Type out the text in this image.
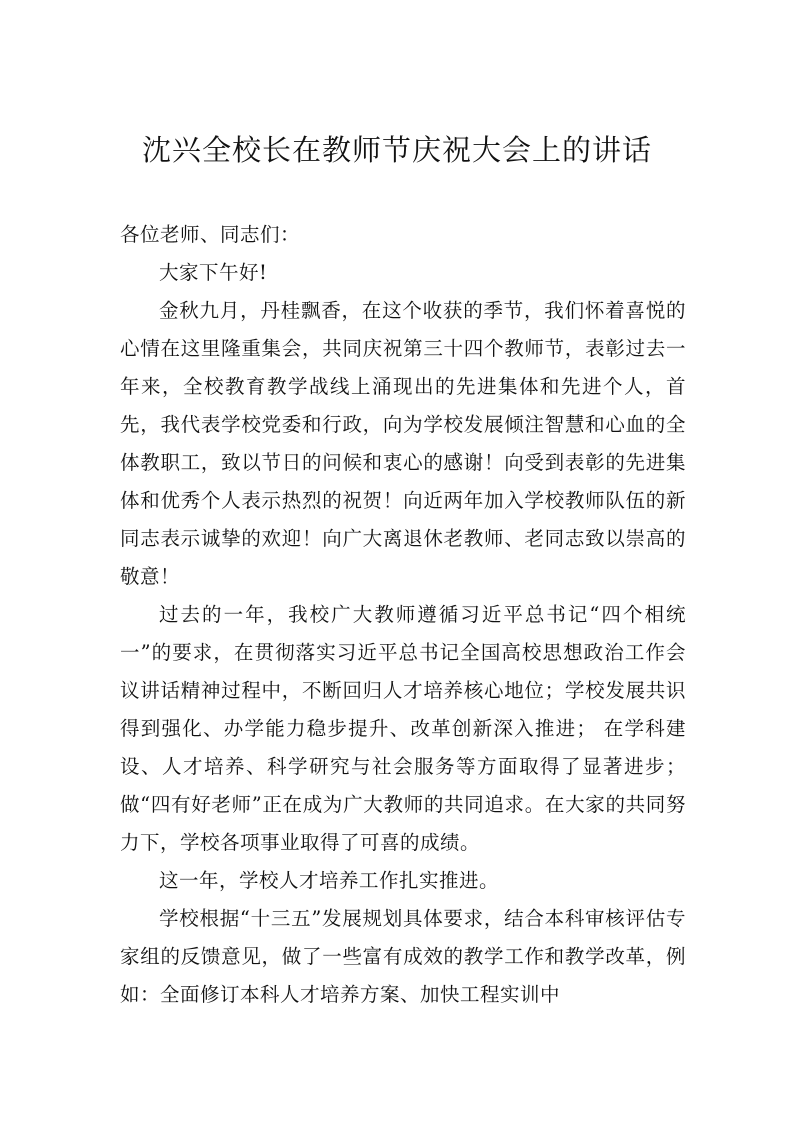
沈兴全校长在教师节庆祝大会上的讲话

各位老师、同志们：

大家下午好!

金秋九月，丹桂飘香，在这个收获的季节，我们怀着喜悦的心情在这里隆重集会，共同庆祝第三十四个教师节，表彰过去一年来，全校教育教学战线上涌现出的先进集体和先进个人，首先，我代表学校党委和行政，向为学校发展倾注智慧和心血的全体教职工，致以节日的问候和衷心的感谢！向受到表彰的先进集体和优秀个人表示热烈的祝贺！向近两年加入学校教师队伍的新同志表示诚挚的欢迎！向广大离退休老教师、老同志致以崇高的敬意！

过去的一年，我校广大教师遵循习近平总书记“四个相统一”的要求，在贯彻落实习近平总书记全国高校思想政治工作会议讲话精神过程中，不断回归人才培养核心地位；学校发展共识得到强化、办学能力稳步提升、改革创新深入推进； 在学科建设、人才培养、科学研究与社会服务等方面取得了显著进步；做“四有好老师”正在成为广大教师的共同追求。在大家的共同努力下，学校各项事业取得了可喜的成绩。

这一年，学校人才培养工作扎实推进。

学校根据“十三五”发展规划具体要求，结合本科审核评估专家组的反馈意见，做了一些富有成效的教学工作和教学改革，例如：全面修订本科人才培养方案、加快工程实训中
